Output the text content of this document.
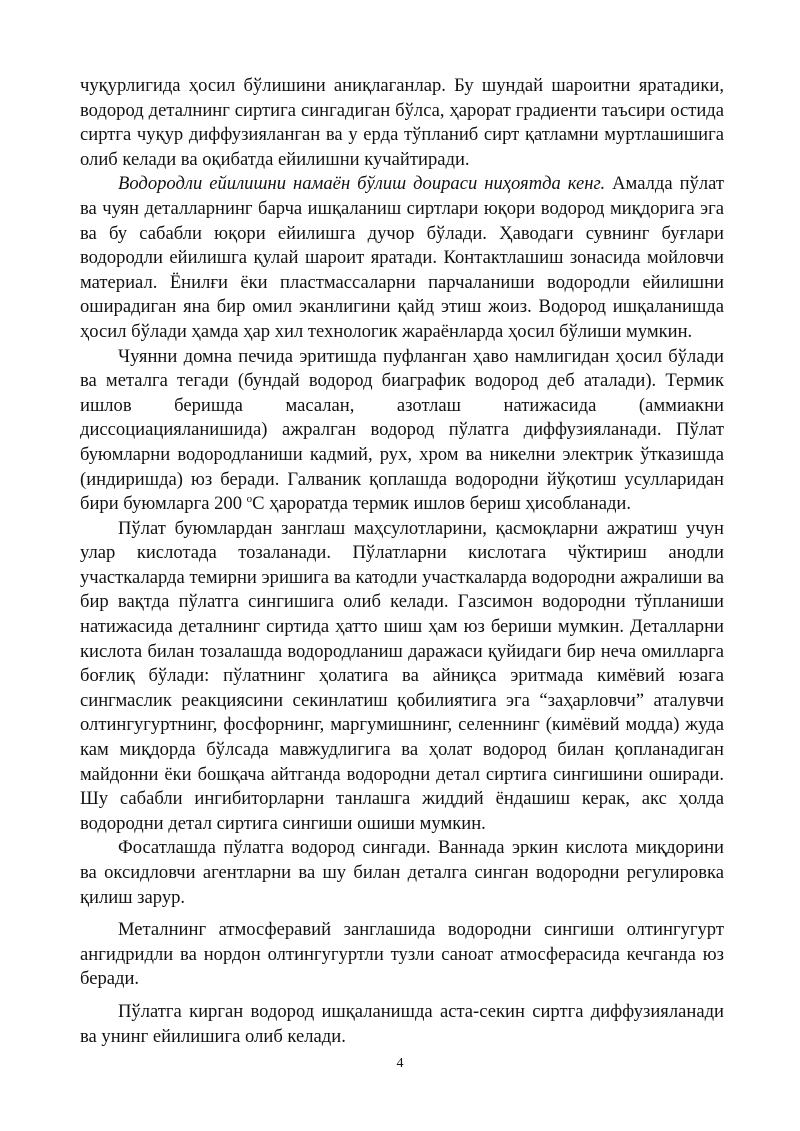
чуқурлигида ҳосил бўлишини аниқлаганлар. Бу шундай шароитни яратадики, водород деталнинг сиртига сингадиган бўлса, ҳарорат градиенти таъсири остида сиртга чуқур диффузияланган ва у ерда тўпланиб сирт қатламни муртлашишига олиб келади ва оқибатда ейилишни кучайтиради.

Водородли ейилишни намаён бўлиш доираси ниҳоятда кенг. Амалда пўлат ва чуян деталларнинг барча ишқаланиш сиртлари юқори водород миқдорига эга ва бу сабабли юқори ейилишга дучор бўлади. Ҳаводаги сувнинг буғлари водородли ейилишга қулай шароит яратади. Контактлашиш зонасида мойловчи материал. Ёнилғи ёки пластмассаларни парчаланиши водородли ейилишни оширадиган яна бир омил эканлигини қайд этиш жоиз. Водород ишқаланишда ҳосил бўлади ҳамда ҳар хил технологик жараёнларда ҳосил бўлиши мумкин.

Чуянни домна печида эритишда пуфланган ҳаво намлигидан ҳосил бўлади ва металга тегади (бундай водород биаграфик водород деб аталади). Термик ишлов беришда масалан, азотлаш натижасида (аммиакни диссоциацияланишида) ажралган водород пўлатга диффузияланади. Пўлат буюмларни водородланиши кадмий, рух, хром ва никелни электрик ўтказишда (индиришда) юз беради. Галваник қоплашда водородни йўқотиш усулларидан бири буюмларга 200 $^о$С ҳароратда термик ишлов бериш ҳисобланади.

Пўлат буюмлардан занглаш маҳсулотларини, қасмоқларни ажратиш учун улар кислотада тозаланади. Пўлатларни кислотага чўктириш анодли участкаларда темирни эришига ва катодли участкаларда водородни ажралиши ва бир вақтда пўлатга сингишига олиб келади. Газсимон водородни тўпланиши натижасида деталнинг сиртида ҳатто шиш ҳам юз бериши мумкин. Деталларни кислота билан тозалашда водородланиш даражаси қуйидаги бир неча омилларга боғлиқ бўлади: пўлатнинг ҳолатига ва айниқса эритмада кимёвий юзага сингмаслик реакциясини секинлатиш қобилиятига эга “заҳарловчи” аталувчи олтингугуртнинг, фосфорнинг, маргумишнинг, селеннинг (кимёвий модда) жуда кам миқдорда бўлсада мавжудлигига ва ҳолат водород билан қопланадиган майдонни ёки бошқача айтганда водородни детал сиртига сингишини оширади. Шу сабабли ингибиторларни танлашга жиддий ёндашиш керак, акс ҳолда водородни детал сиртига сингиши ошиши мумкин.

Фосатлашда пўлатга водород сингади. Ваннада эркин кислота миқдорини ва оксидловчи агентларни ва шу билан деталга синган водородни регулировка қилиш зарур.

Металнинг атмосферавий занглашида водородни сингиши олтингугурт ангидридли ва нордон олтингугуртли тузли саноат атмосферасида кечганда юз беради.

Пўлатга кирган водород ишқаланишда аста-секин сиртга диффузияланади ва унинг ейилишига олиб келади.

4
